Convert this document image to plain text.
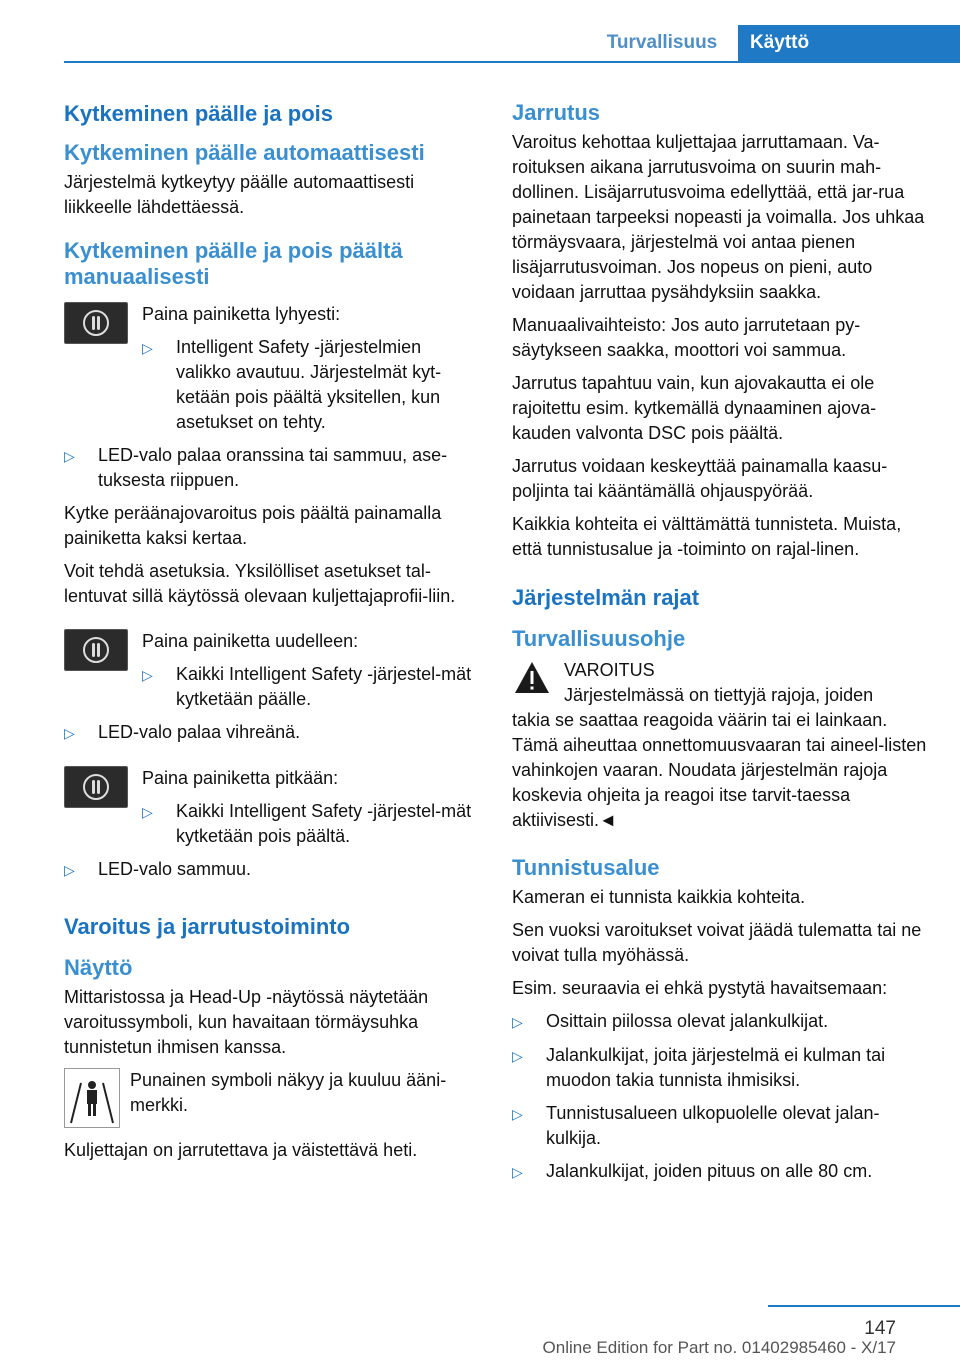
Turvallisuus	Käyttö
Kytkeminen päälle ja pois
Kytkeminen päälle automaattisesti

Järjestelmä kytkeytyy päälle automaattisesti liikkeelle lähdettäessä.

Kytkeminen päälle ja pois päältä manuaalisesti

Paina painiketta lyhyesti:

▷	Intelligent Safety -järjestelmien valikko avautuu. Järjestelmät kyt-ketään pois päältä yksitellen, kun asetukset on tehty.
▷	LED-valo palaa oranssina tai sammuu, ase-tuksesta riippuen.

Kytke peräänajovaroitus pois päältä painamalla painiketta kaksi kertaa.

Voit tehdä asetuksia. Yksilölliset asetukset tal-lentuvat sillä käytössä olevaan kuljettajaprofii-liin.

Paina painiketta uudelleen:

▷	Kaikki Intelligent Safety -järjestel-mät kytketään päälle.
▷	LED-valo palaa vihreänä.

Paina painiketta pitkään:

▷	Kaikki Intelligent Safety -järjestel-mät kytketään pois päältä.
▷	LED-valo sammuu.
Varoitus ja jarrutustoiminto
Näyttö

Mittaristossa ja Head-Up -näytössä näytetään varoitussymboli, kun havaitaan törmäysuhka tunnistetun ihmisen kanssa.

Punainen symboli näkyy ja kuuluu ääni-merkki.

Kuljettajan on jarrutettava ja väistettävä heti.

Jarrutus

Varoitus kehottaa kuljettajaa jarruttamaan. Va-roituksen aikana jarrutusvoima on suurin mah-dollinen. Lisäjarrutusvoima edellyttää, että jar-rua painetaan tarpeeksi nopeasti ja voimalla. Jos uhkaa törmäysvaara, järjestelmä voi antaa pienen lisäjarrutusvoiman. Jos nopeus on pieni, auto voidaan jarruttaa pysähdyksiin saakka.

Manuaalivaihteisto: Jos auto jarrutetaan py-säytykseen saakka, moottori voi sammua.

Jarrutus tapahtuu vain, kun ajovakautta ei ole rajoitettu esim. kytkemällä dynaaminen ajova-kauden valvonta DSC pois päältä.

Jarrutus voidaan keskeyttää painamalla kaasu-poljinta tai kääntämällä ohjauspyörää.

Kaikkia kohteita ei välttämättä tunnisteta. Muista, että tunnistusalue ja -toiminto on rajal-linen.

Järjestelmän rajat
Turvallisuusohje

VAROITUS

Järjestelmässä on tiettyjä rajoja, joiden

takia se saattaa reagoida väärin tai ei lainkaan. Tämä aiheuttaa onnettomuusvaaran tai aineel-listen vahinkojen vaaran. Noudata järjestelmän rajoja koskevia ohjeita ja reagoi itse tarvit-taessa aktiivisesti.◄

Tunnistusalue

Kameran ei tunnista kaikkia kohteita.

Sen vuoksi varoitukset voivat jäädä tulematta tai ne voivat tulla myöhässä.

Esim. seuraavia ei ehkä pystytä havaitsemaan:

▷	Osittain piilossa olevat jalankulkijat.
▷	Jalankulkijat, joita järjestelmä ei kulman tai muodon takia tunnista ihmisiksi.
▷	Tunnistusalueen ulkopuolelle olevat jalan-kulkija.
▷	Jalankulkijat, joiden pituus on alle 80 cm.
147
Online Edition for Part no. 01402985460 - X/17
